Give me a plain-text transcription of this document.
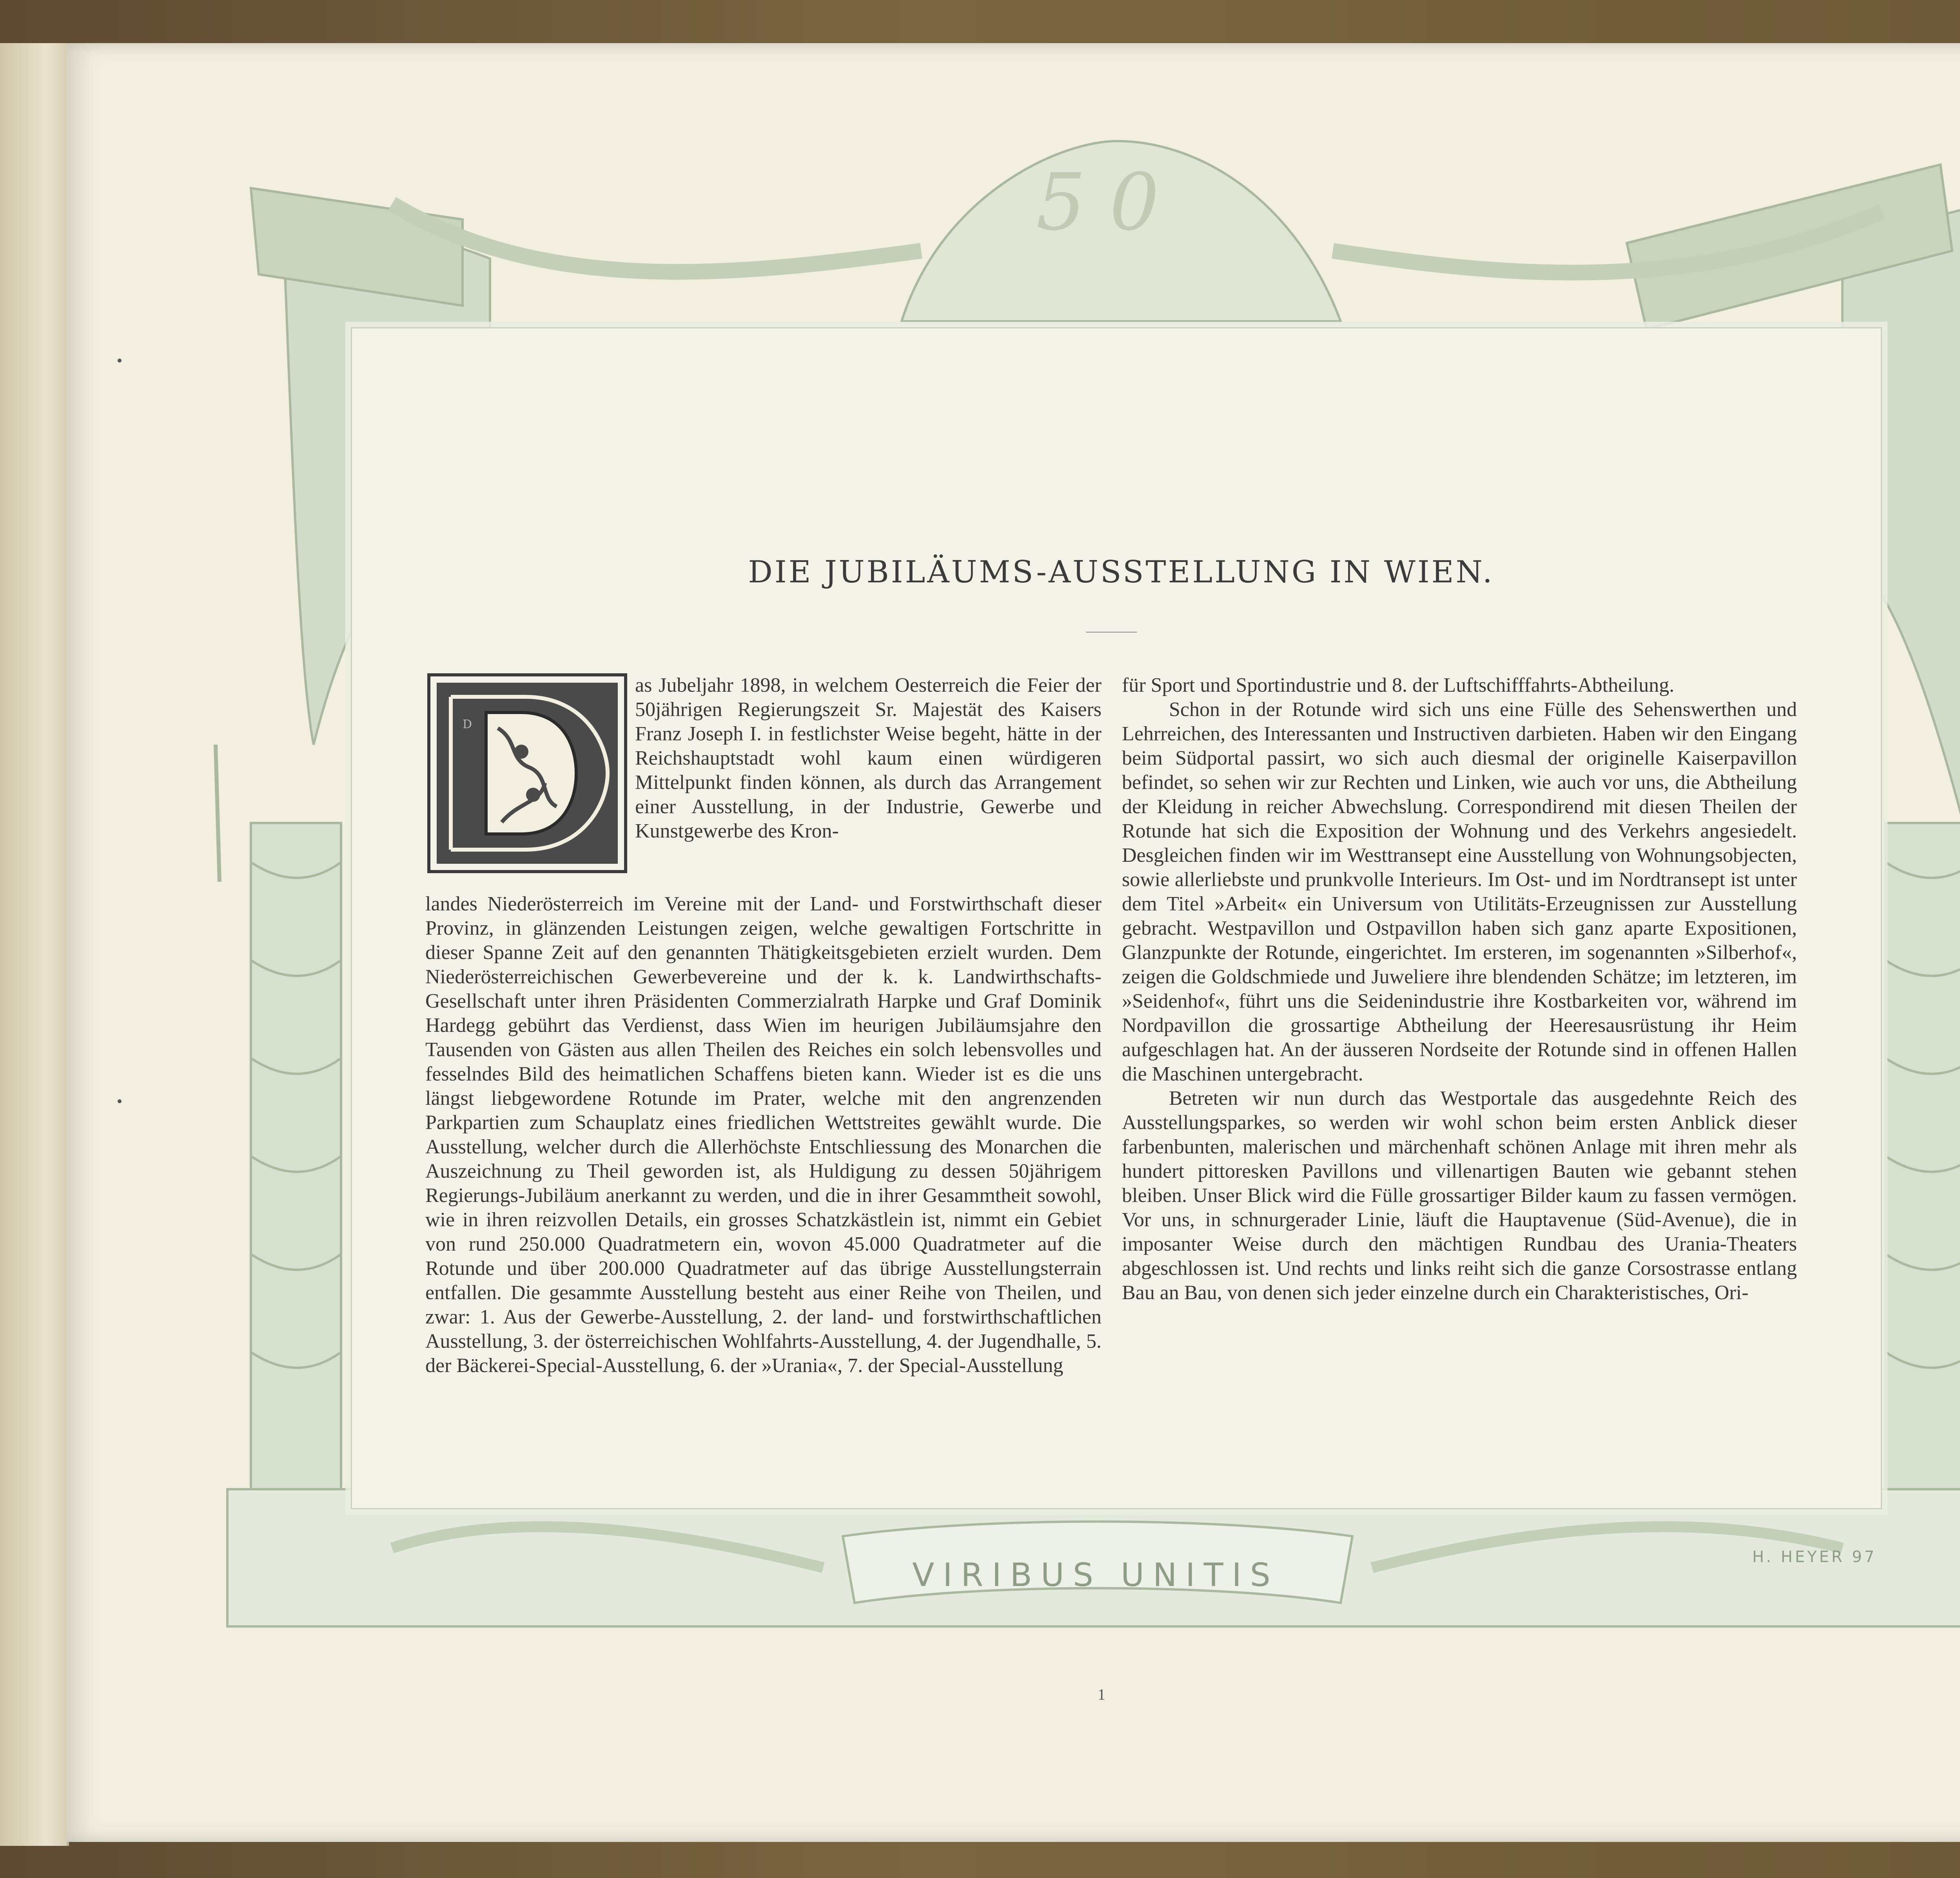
50
DIE JUBILÄUMS-AUSSTELLUNG IN WIEN.
D
as Jubeljahr 1898, in welchem Oesterreich die Feier der 50jährigen Regierungszeit Sr. Majestät des Kaisers Franz Joseph I. in festlichster Weise begeht, hätte in der Reichshauptstadt wohl kaum einen würdigeren Mittelpunkt finden können, als durch das Arrangement einer Ausstellung, in der Industrie, Gewerbe und Kunstgewerbe des Kron-
landes Niederösterreich im Vereine mit der Land- und Forstwirthschaft dieser Provinz, in glänzenden Leistungen zeigen, welche gewaltigen Fortschritte in dieser Spanne Zeit auf den genannten Thätigkeitsgebieten erzielt wurden. Dem Niederösterreichischen Gewerbevereine und der k. k. Landwirthschafts-Gesellschaft unter ihren Präsidenten Commerzialrath Harpke und Graf Dominik Hardegg gebührt das Verdienst, dass Wien im heurigen Jubiläumsjahre den Tausenden von Gästen aus allen Theilen des Reiches ein solch lebensvolles und fesselndes Bild des heimatlichen Schaffens bieten kann. Wieder ist es die uns längst liebgewordene Rotunde im Prater, welche mit den angrenzenden Parkpartien zum Schauplatz eines friedlichen Wettstreites gewählt wurde. Die Ausstellung, welcher durch die Allerhöchste Entschliessung des Monarchen die Auszeichnung zu Theil geworden ist, als Huldigung zu dessen 50jährigem Regierungs-Jubiläum anerkannt zu werden, und die in ihrer Gesammtheit sowohl, wie in ihren reizvollen Details, ein grosses Schatzkästlein ist, nimmt ein Gebiet von rund 250.000 Quadratmetern ein, wovon 45.000 Quadratmeter auf die Rotunde und über 200.000 Quadratmeter auf das übrige Ausstellungsterrain entfallen. Die gesammte Ausstellung besteht aus einer Reihe von Theilen, und zwar: 1. Aus der Gewerbe-Ausstellung, 2. der land- und forstwirthschaftlichen Ausstellung, 3. der österreichischen Wohlfahrts-Ausstellung, 4. der Jugendhalle, 5. der Bäckerei-Special-Ausstellung, 6. der »Urania«, 7. der Special-Ausstellung

für Sport und Sportindustrie und 8. der Luftschifffahrts-Abtheilung.

Schon in der Rotunde wird sich uns eine Fülle des Sehenswerthen und Lehrreichen, des Interessanten und Instructiven darbieten. Haben wir den Eingang beim Südportal passirt, wo sich auch diesmal der originelle Kaiserpavillon befindet, so sehen wir zur Rechten und Linken, wie auch vor uns, die Abtheilung der Kleidung in reicher Abwechslung. Correspondirend mit diesen Theilen der Rotunde hat sich die Exposition der Wohnung und des Verkehrs angesiedelt. Desgleichen finden wir im Westtransept eine Ausstellung von Wohnungsobjecten, sowie allerliebste und prunkvolle Interieurs. Im Ost- und im Nordtransept ist unter dem Titel »Arbeit« ein Universum von Utilitäts-Erzeugnissen zur Ausstellung gebracht. Westpavillon und Ostpavillon haben sich ganz aparte Expositionen, Glanzpunkte der Rotunde, eingerichtet. Im ersteren, im sogenannten »Silberhof«, zeigen die Goldschmiede und Juweliere ihre blendenden Schätze; im letzteren, im »Seidenhof«, führt uns die Seidenindustrie ihre Kostbarkeiten vor, während im Nordpavillon die grossartige Abtheilung der Heeresausrüstung ihr Heim aufgeschlagen hat. An der äusseren Nordseite der Rotunde sind in offenen Hallen die Maschinen untergebracht.

Betreten wir nun durch das Westportale das ausgedehnte Reich des Ausstellungsparkes, so werden wir wohl schon beim ersten Anblick dieser farbenbunten, malerischen und märchenhaft schönen Anlage mit ihren mehr als hundert pittoresken Pavillons und villenartigen Bauten wie gebannt stehen bleiben. Unser Blick wird die Fülle grossartiger Bilder kaum zu fassen vermögen. Vor uns, in schnurgerader Linie, läuft die Hauptavenue (Süd-Avenue), die in imposanter Weise durch den mächtigen Rundbau des Urania-Theaters abgeschlossen ist. Und rechts und links reiht sich die ganze Corsostrasse entlang Bau an Bau, von denen sich jeder einzelne durch ein Charakteristisches, Ori-

VIRIBUS UNITIS	H. HEYER 97
1
